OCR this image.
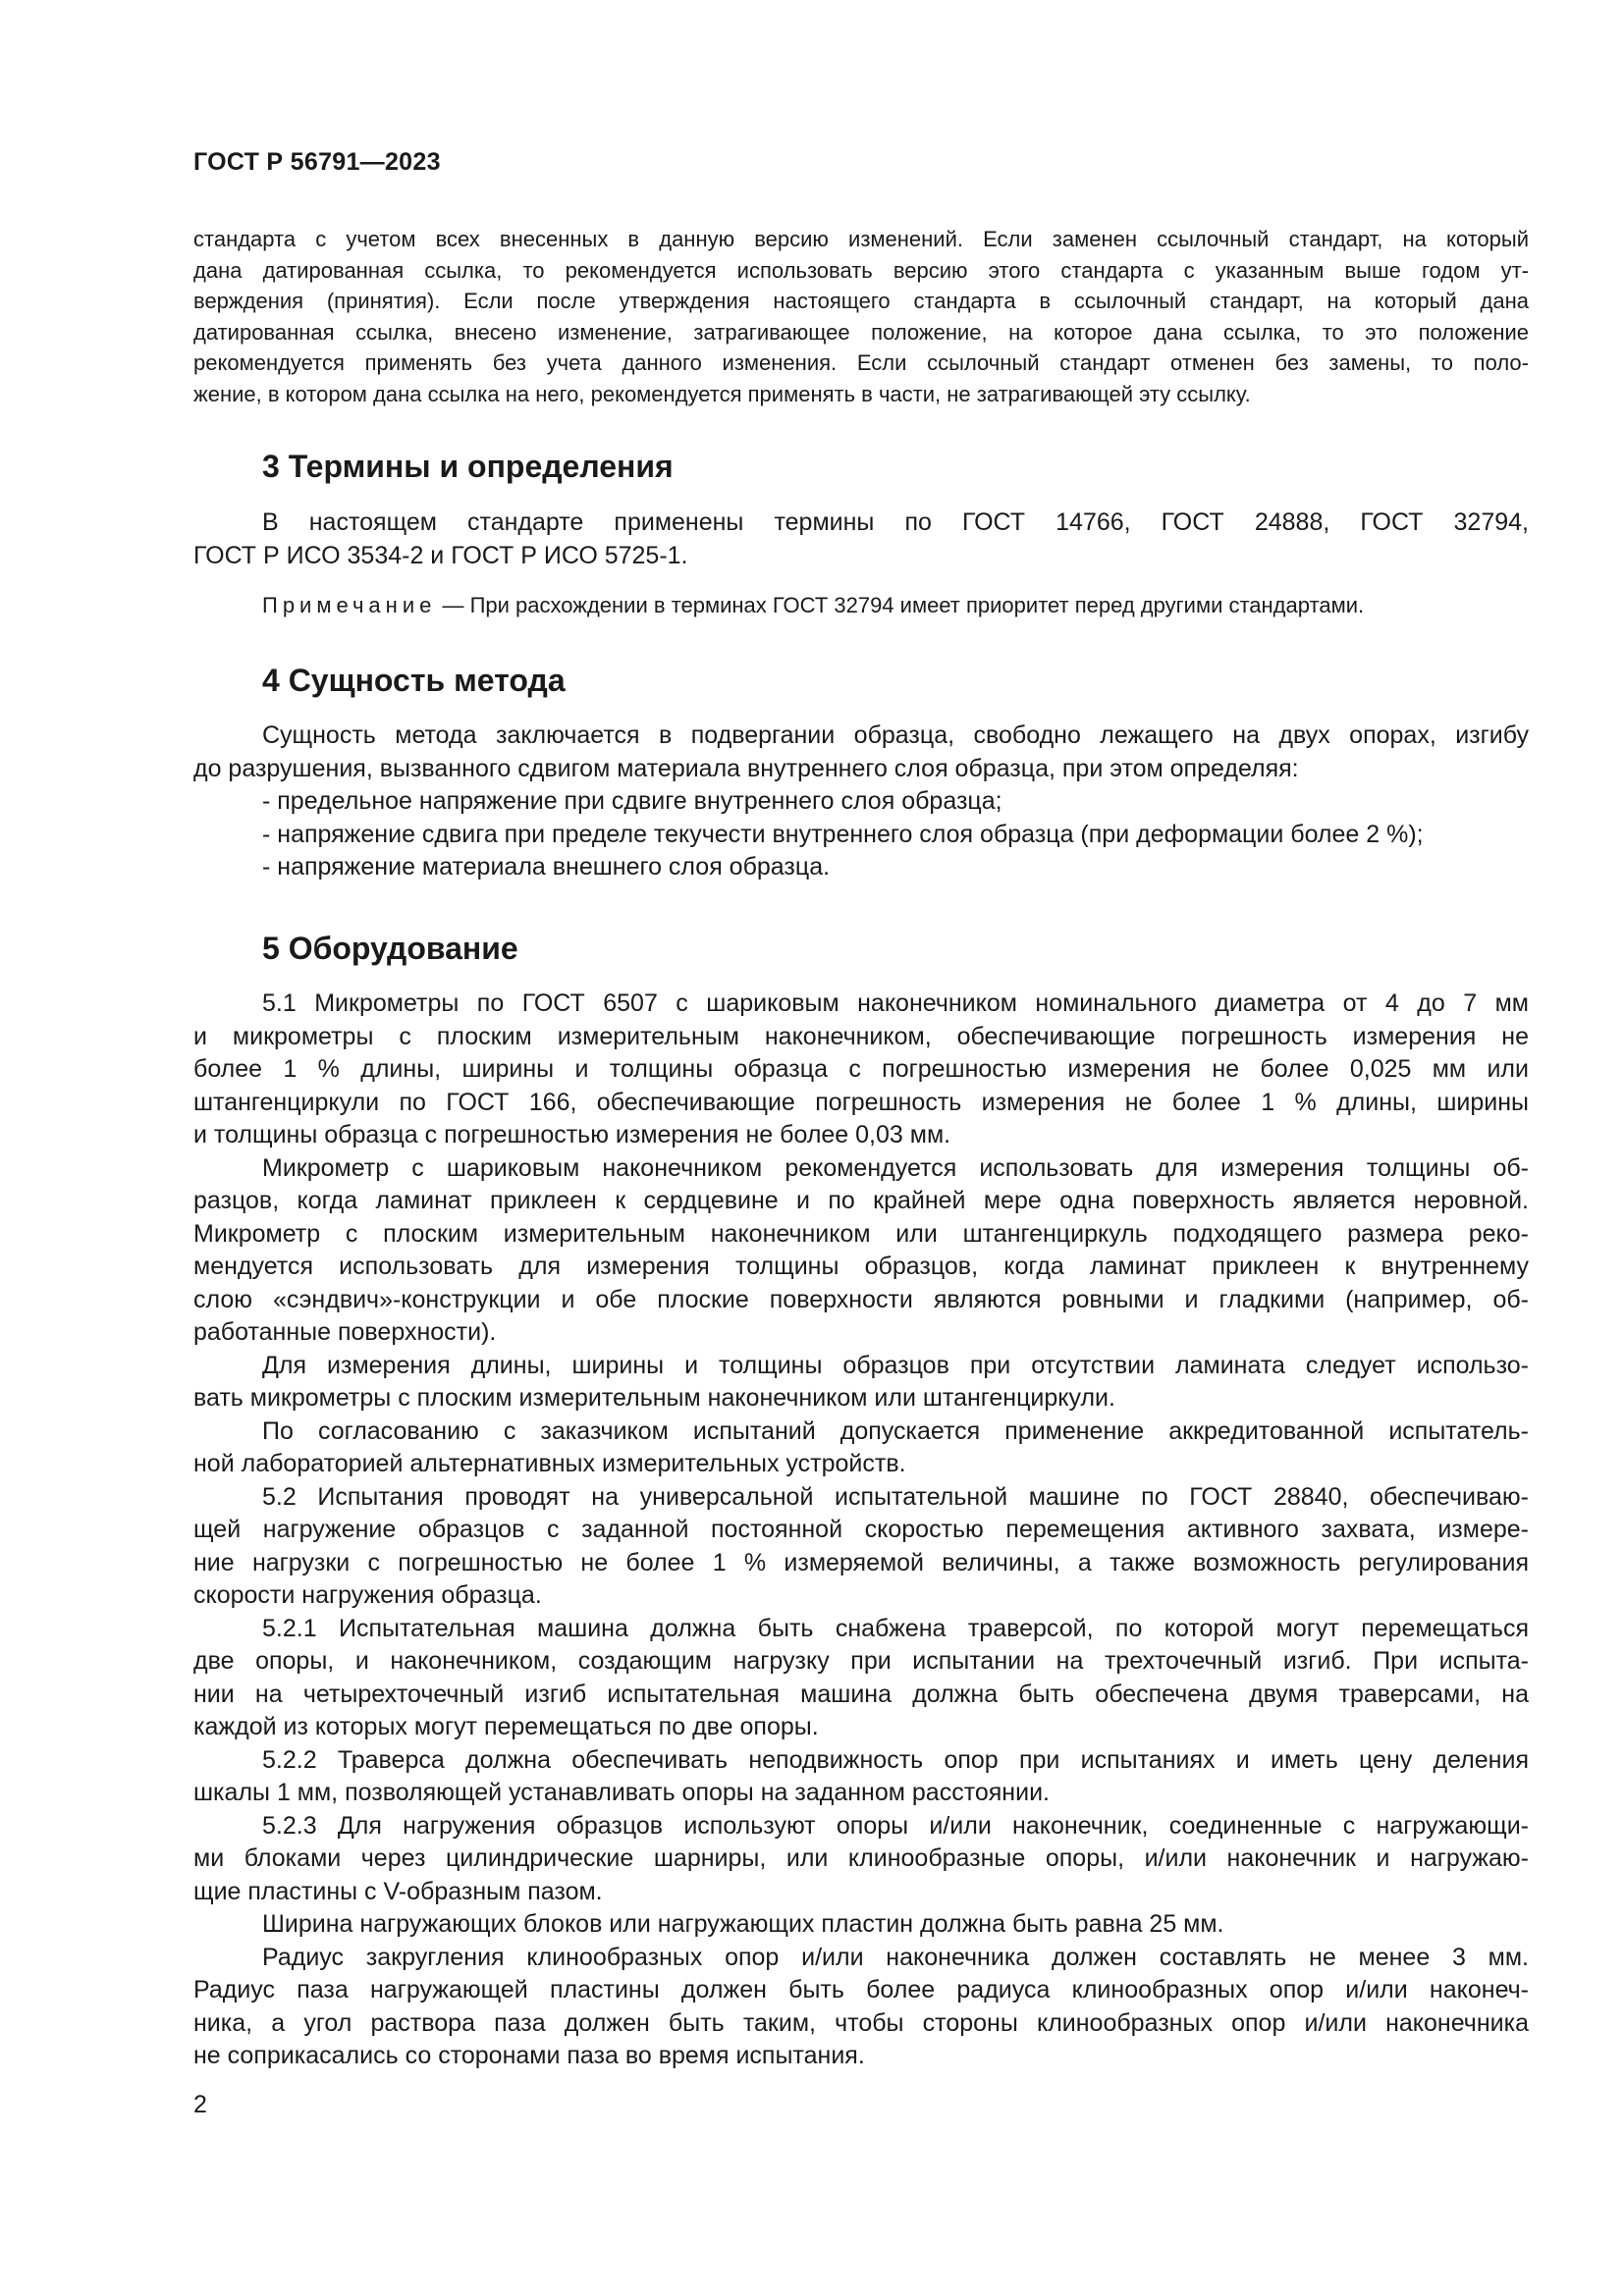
ГОСТ Р 56791—2023
стандарта с учетом всех внесенных в данную версию изменений. Если заменен ссылочный стандарт, на который
дана датированная ссылка, то рекомендуется использовать версию этого стандарта с указанным выше годом ут-
верждения (принятия). Если после утверждения настоящего стандарта в ссылочный стандарт, на который дана
датированная ссылка, внесено изменение, затрагивающее положение, на которое дана ссылка, то это положение
рекомендуется применять без учета данного изменения. Если ссылочный стандарт отменен без замены, то поло-
жение, в котором дана ссылка на него, рекомендуется применять в части, не затрагивающей эту ссылку.
3 Термины и определения
В настоящем стандарте применены термины по ГОСТ 14766, ГОСТ 24888, ГОСТ 32794,
ГОСТ Р ИСО 3534-2 и ГОСТ Р ИСО 5725-1.
Примечание — При расхождении в терминах ГОСТ 32794 имеет приоритет перед другими стандартами.
4 Сущность метода
Сущность метода заключается в подвергании образца, свободно лежащего на двух опорах, изгибу
до разрушения, вызванного сдвигом материала внутреннего слоя образца, при этом определяя:
- предельное напряжение при сдвиге внутреннего слоя образца;
- напряжение сдвига при пределе текучести внутреннего слоя образца (при деформации более 2 %);
- напряжение материала внешнего слоя образца.
5 Оборудование
5.1 Микрометры по ГОСТ 6507 с шариковым наконечником номинального диаметра от 4 до 7 мм
и микрометры с плоским измерительным наконечником, обеспечивающие погрешность измерения не
более 1 % длины, ширины и толщины образца с погрешностью измерения не более 0,025 мм или
штангенциркули по ГОСТ 166, обеспечивающие погрешность измерения не более 1 % длины, ширины
и толщины образца с погрешностью измерения не более 0,03 мм.
Микрометр с шариковым наконечником рекомендуется использовать для измерения толщины об-
разцов, когда ламинат приклеен к сердцевине и по крайней мере одна поверхность является неровной.
Микрометр с плоским измерительным наконечником или штангенциркуль подходящего размера реко-
мендуется использовать для измерения толщины образцов, когда ламинат приклеен к внутреннему
слою «сэндвич»-конструкции и обе плоские поверхности являются ровными и гладкими (например, об-
работанные поверхности).
Для измерения длины, ширины и толщины образцов при отсутствии ламината следует использо-
вать микрометры с плоским измерительным наконечником или штангенциркули.
По согласованию с заказчиком испытаний допускается применение аккредитованной испытатель-
ной лабораторией альтернативных измерительных устройств.
5.2 Испытания проводят на универсальной испытательной машине по ГОСТ 28840, обеспечиваю-
щей нагружение образцов с заданной постоянной скоростью перемещения активного захвата, измере-
ние нагрузки с погрешностью не более 1 % измеряемой величины, а также возможность регулирования
скорости нагружения образца.
5.2.1 Испытательная машина должна быть снабжена траверсой, по которой могут перемещаться
две опоры, и наконечником, создающим нагрузку при испытании на трехточечный изгиб. При испыта-
нии на четырехточечный изгиб испытательная машина должна быть обеспечена двумя траверсами, на
каждой из которых могут перемещаться по две опоры.
5.2.2 Траверса должна обеспечивать неподвижность опор при испытаниях и иметь цену деления
шкалы 1 мм, позволяющей устанавливать опоры на заданном расстоянии.
5.2.3 Для нагружения образцов используют опоры и/или наконечник, соединенные с нагружающи-
ми блоками через цилиндрические шарниры, или клинообразные опоры, и/или наконечник и нагружаю-
щие пластины с V-образным пазом.
Ширина нагружающих блоков или нагружающих пластин должна быть равна 25 мм.
Радиус закругления клинообразных опор и/или наконечника должен составлять не менее 3 мм.
Радиус паза нагружающей пластины должен быть более радиуса клинообразных опор и/или наконеч-
ника, а угол раствора паза должен быть таким, чтобы стороны клинообразных опор и/или наконечника
не соприкасались со сторонами паза во время испытания.
2
